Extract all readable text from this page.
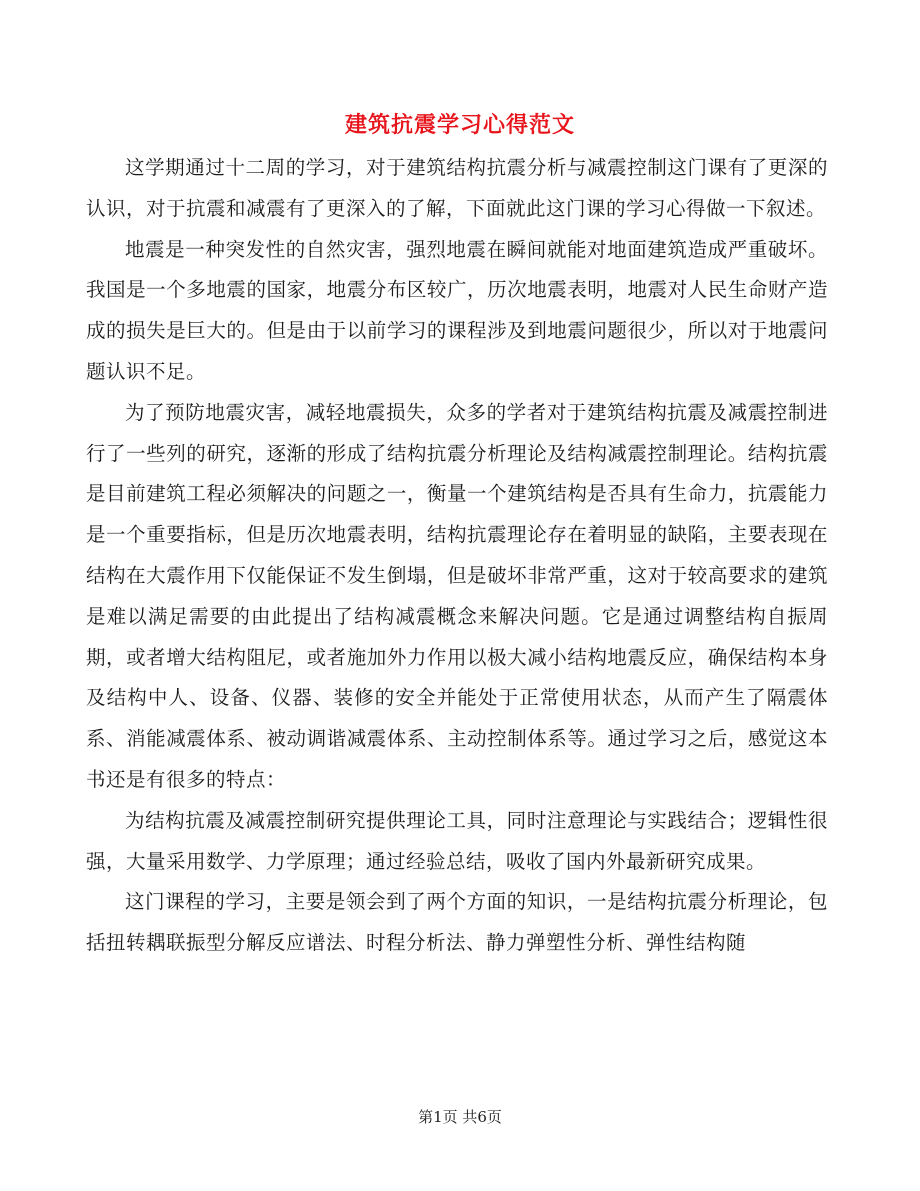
建筑抗震学习心得范文

这学期通过十二周的学习，对于建筑结构抗震分析与减震控制这门课有了更深的认识，对于抗震和减震有了更深入的了解，下面就此这门课的学习心得做一下叙述。

地震是一种突发性的自然灾害，强烈地震在瞬间就能对地面建筑造成严重破坏。我国是一个多地震的国家，地震分布区较广，历次地震表明，地震对人民生命财产造成的损失是巨大的。但是由于以前学习的课程涉及到地震问题很少，所以对于地震问题认识不足。

为了预防地震灾害，减轻地震损失，众多的学者对于建筑结构抗震及减震控制进行了一些列的研究，逐渐的形成了结构抗震分析理论及结构减震控制理论。结构抗震是目前建筑工程必须解决的问题之一，衡量一个建筑结构是否具有生命力，抗震能力是一个重要指标，但是历次地震表明，结构抗震理论存在着明显的缺陷，主要表现在结构在大震作用下仅能保证不发生倒塌，但是破坏非常严重，这对于较高要求的建筑是难以满足需要的由此提出了结构减震概念来解决问题。它是通过调整结构自振周期，或者增大结构阻尼，或者施加外力作用以极大减小结构地震反应，确保结构本身及结构中人、设备、仪器、装修的安全并能处于正常使用状态，从而产生了隔震体系、消能减震体系、被动调谐减震体系、主动控制体系等。通过学习之后，感觉这本书还是有很多的特点：

为结构抗震及减震控制研究提供理论工具，同时注意理论与实践结合；逻辑性很强，大量采用数学、力学原理；通过经验总结，吸收了国内外最新研究成果。

这门课程的学习，主要是领会到了两个方面的知识，一是结构抗震分析理论，包括扭转耦联振型分解反应谱法、时程分析法、静力弹塑性分析、弹性结构随

第1页 共6页
